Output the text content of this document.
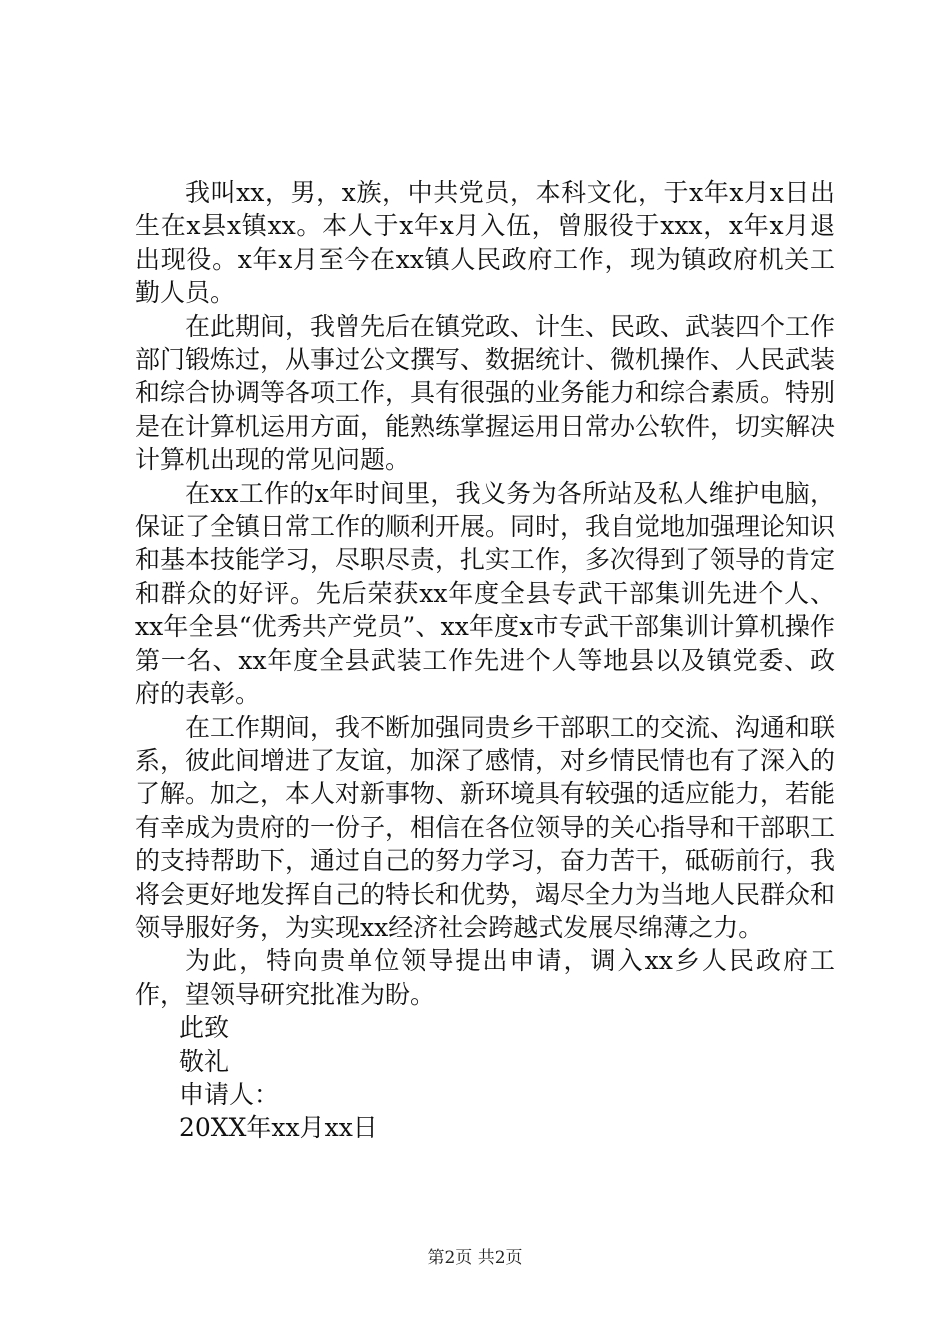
我叫xx，男，x族，中共党员，本科文化，于x年x月x日出生在x县x镇xx。本人于x年x月入伍，曾服役于xxx，x年x月退出现役。x年x月至今在xx镇人民政府工作，现为镇政府机关工勤人员。

在此期间，我曾先后在镇党政、计生、民政、武装四个工作部门锻炼过，从事过公文撰写、数据统计、微机操作、人民武装和综合协调等各项工作，具有很强的业务能力和综合素质。特别是在计算机运用方面，能熟练掌握运用日常办公软件，切实解决计算机出现的常见问题。

在xx工作的x年时间里，我义务为各所站及私人维护电脑，保证了全镇日常工作的顺利开展。同时，我自觉地加强理论知识和基本技能学习，尽职尽责，扎实工作，多次得到了领导的肯定和群众的好评。先后荣获xx年度全县专武干部集训先进个人、xx年全县“优秀共产党员”、xx年度x市专武干部集训计算机操作第一名、xx年度全县武装工作先进个人等地县以及镇党委、政府的表彰。

在工作期间，我不断加强同贵乡干部职工的交流、沟通和联系，彼此间增进了友谊，加深了感情，对乡情民情也有了深入的了解。加之，本人对新事物、新环境具有较强的适应能力，若能有幸成为贵府的一份子，相信在各位领导的关心指导和干部职工的支持帮助下，通过自己的努力学习，奋力苦干，砥砺前行，我将会更好地发挥自己的特长和优势，竭尽全力为当地人民群众和领导服好务，为实现xx经济社会跨越式发展尽绵薄之力。

为此，特向贵单位领导提出申请，调入xx乡人民政府工作，望领导研究批准为盼。

此致

敬礼

申请人：

20XX年xx月xx日

第2页 共2页
